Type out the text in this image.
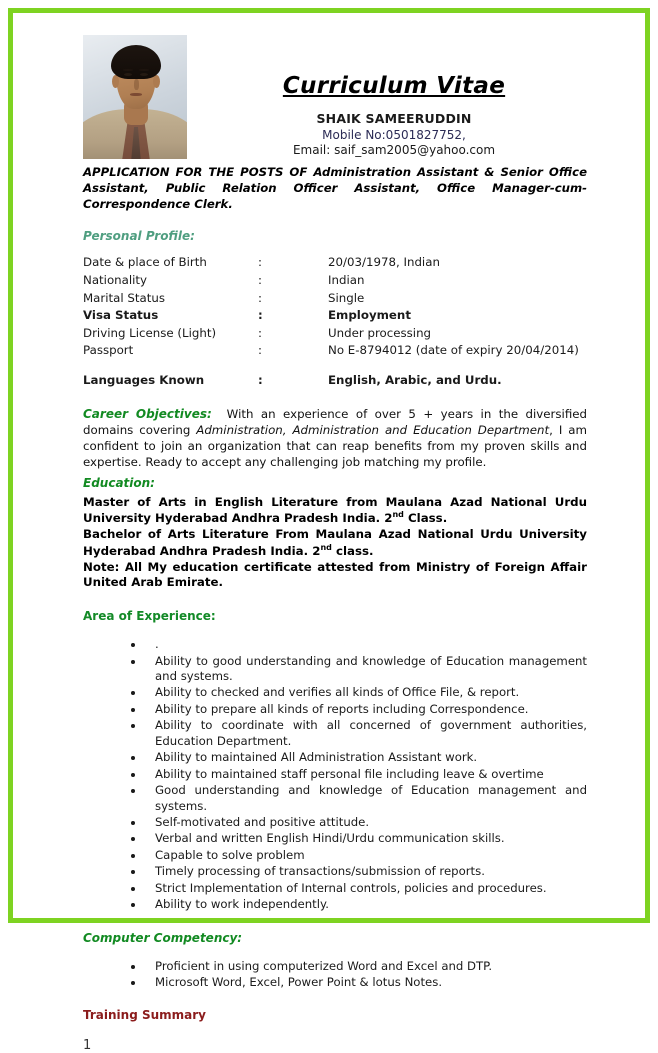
Curriculum Vitae
SHAIK SAMEERUDDIN
Mobile No:0501827752,
Email: saif_sam2005@yahoo.com
APPLICATION FOR THE POSTS OF Administration Assistant & Senior Office Assistant, Public Relation Officer Assistant, Office Manager-cum-Correspondence Clerk.
Personal Profile:
Date & place of Birth	:	20/03/1978, Indian
Nationality	:	Indian
Marital Status	:	Single
Visa Status	:	Employment
Driving License (Light)	:	Under processing
Passport	:	No E-8794012 (date of expiry 20/04/2014)

Languages Known	:	English, Arabic, and Urdu.

Career Objectives: With an experience of over 5 + years in the diversified domains covering Administration, Administration and Education Department, I am confident to join an organization that can reap benefits from my proven skills and expertise. Ready to accept any challenging job matching my profile.

Education:

Master of Arts in English Literature from Maulana Azad National Urdu University Hyderabad Andhra Pradesh India. 2nd Class.

Bachelor of Arts Literature From Maulana Azad National Urdu University Hyderabad Andhra Pradesh India. 2nd class.

Note: All My education certificate attested from Ministry of Foreign Affair United Arab Emirate.

Area of Experience:
.
Ability to good understanding and knowledge of Education management and systems.
Ability to checked and verifies all kinds of Office File, & report.
Ability to prepare all kinds of reports including Correspondence.
Ability to coordinate with all concerned of government authorities, Education Department.
Ability to maintained All Administration Assistant work.
Ability to maintained staff personal file including leave & overtime
Good understanding and knowledge of Education management and systems.
Self-motivated and positive attitude.
Verbal and written English Hindi/Urdu communication skills.
Capable to solve problem
Timely processing of transactions/submission of reports.
Strict Implementation of Internal controls, policies and procedures.
Ability to work independently.
Computer Competency:
Proficient in using computerized Word and Excel and DTP.
Microsoft Word, Excel, Power Point & lotus Notes.
Training Summary
1
